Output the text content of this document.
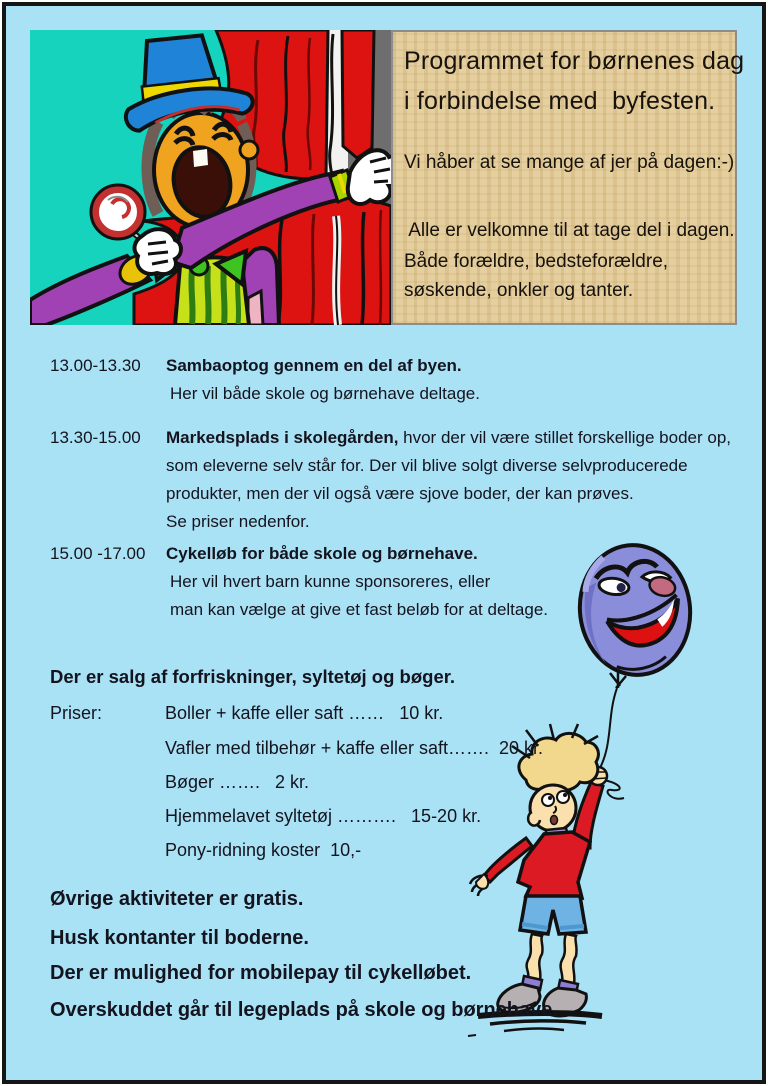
Programmet for børnenes dag
i forbindelse med  byfesten.
Vi håber at se mange af jer på dagen:-)
Alle er velkomne til at tage del i dagen.
Både forældre, bedsteforældre,
søskende, onkler og tanter.
13.00-13.30 Sambaoptog gennem en del af byen.
Her vil både skole og børnehave deltage.
13.30-15.00 Markedsplads i skolegården, hvor der vil være stillet forskellige boder op,
som eleverne selv står for. Der vil blive solgt diverse selvproducerede
produkter, men der vil også være sjove boder, der kan prøves.
Se priser nedenfor.
15.00 -17.00 Cykelløb for både skole og børnehave.
Her vil hvert barn kunne sponsoreres, eller
man kan vælge at give et fast beløb for at deltage.
Der er salg af forfriskninger, syltetøj og bøger.
Priser:	Boller + kaffe eller saft ……   10 kr.
Vafler med tilbehør + kaffe eller saft…….  20 kr.
Bøger …….   2 kr.
Hjemmelavet syltetøj ……….   15-20 kr.
Pony-ridning koster  10,-
Øvrige aktiviteter er gratis.
Husk kontanter til boderne.
Der er mulighed for mobilepay til cykelløbet.
Overskuddet går til legeplads på skole og børnehave.
